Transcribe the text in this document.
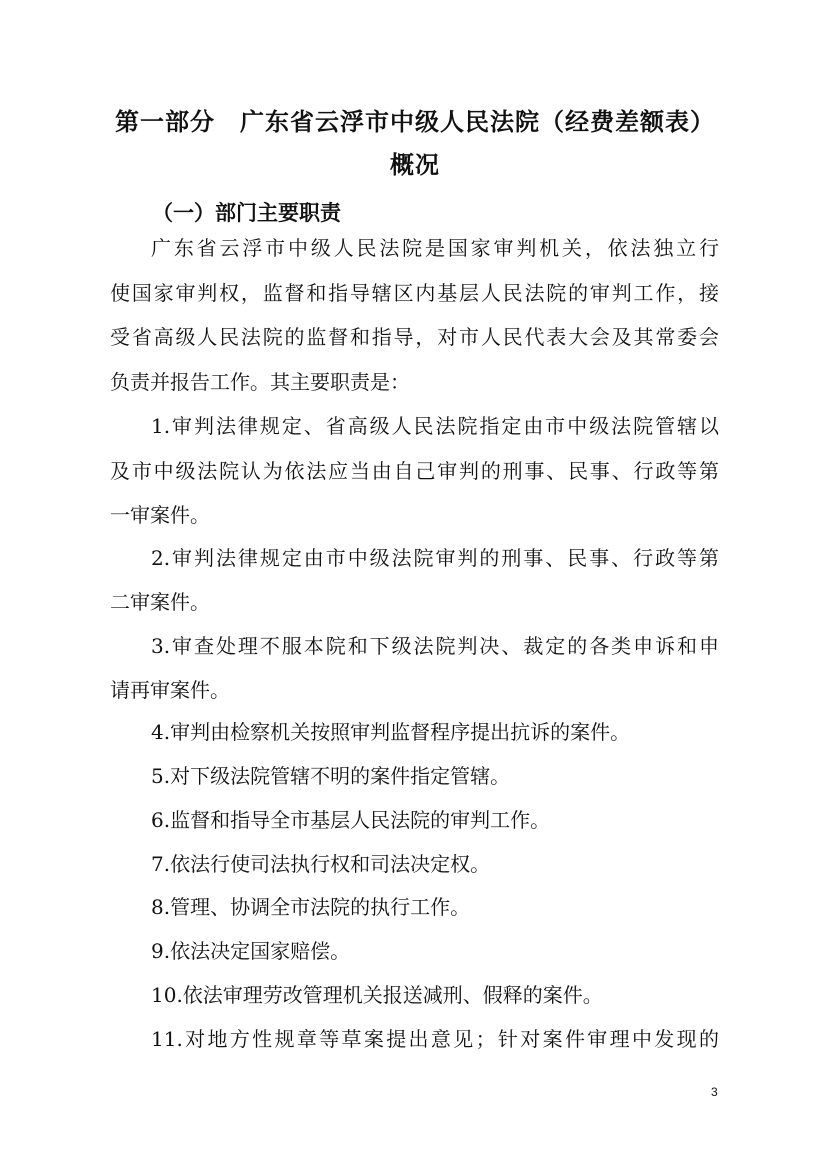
第一部分　广东省云浮市中级人民法院（经费差额表）
概况
（一）部门主要职责
广东省云浮市中级人民法院是国家审判机关，依法独立行
使国家审判权，监督和指导辖区内基层人民法院的审判工作，接
受省高级人民法院的监督和指导，对市人民代表大会及其常委会
负责并报告工作。其主要职责是：
1.审判法律规定、省高级人民法院指定由市中级法院管辖以
及市中级法院认为依法应当由自己审判的刑事、民事、行政等第
一审案件。
2.审判法律规定由市中级法院审判的刑事、民事、行政等第
二审案件。
3.审查处理不服本院和下级法院判决、裁定的各类申诉和申
请再审案件。
4.审判由检察机关按照审判监督程序提出抗诉的案件。
5.对下级法院管辖不明的案件指定管辖。
6.监督和指导全市基层人民法院的审判工作。
7.依法行使司法执行权和司法决定权。
8.管理、协调全市法院的执行工作。
9.依法决定国家赔偿。
10.依法审理劳改管理机关报送减刑、假释的案件。
11.对地方性规章等草案提出意见；针对案件审理中发现的
3
